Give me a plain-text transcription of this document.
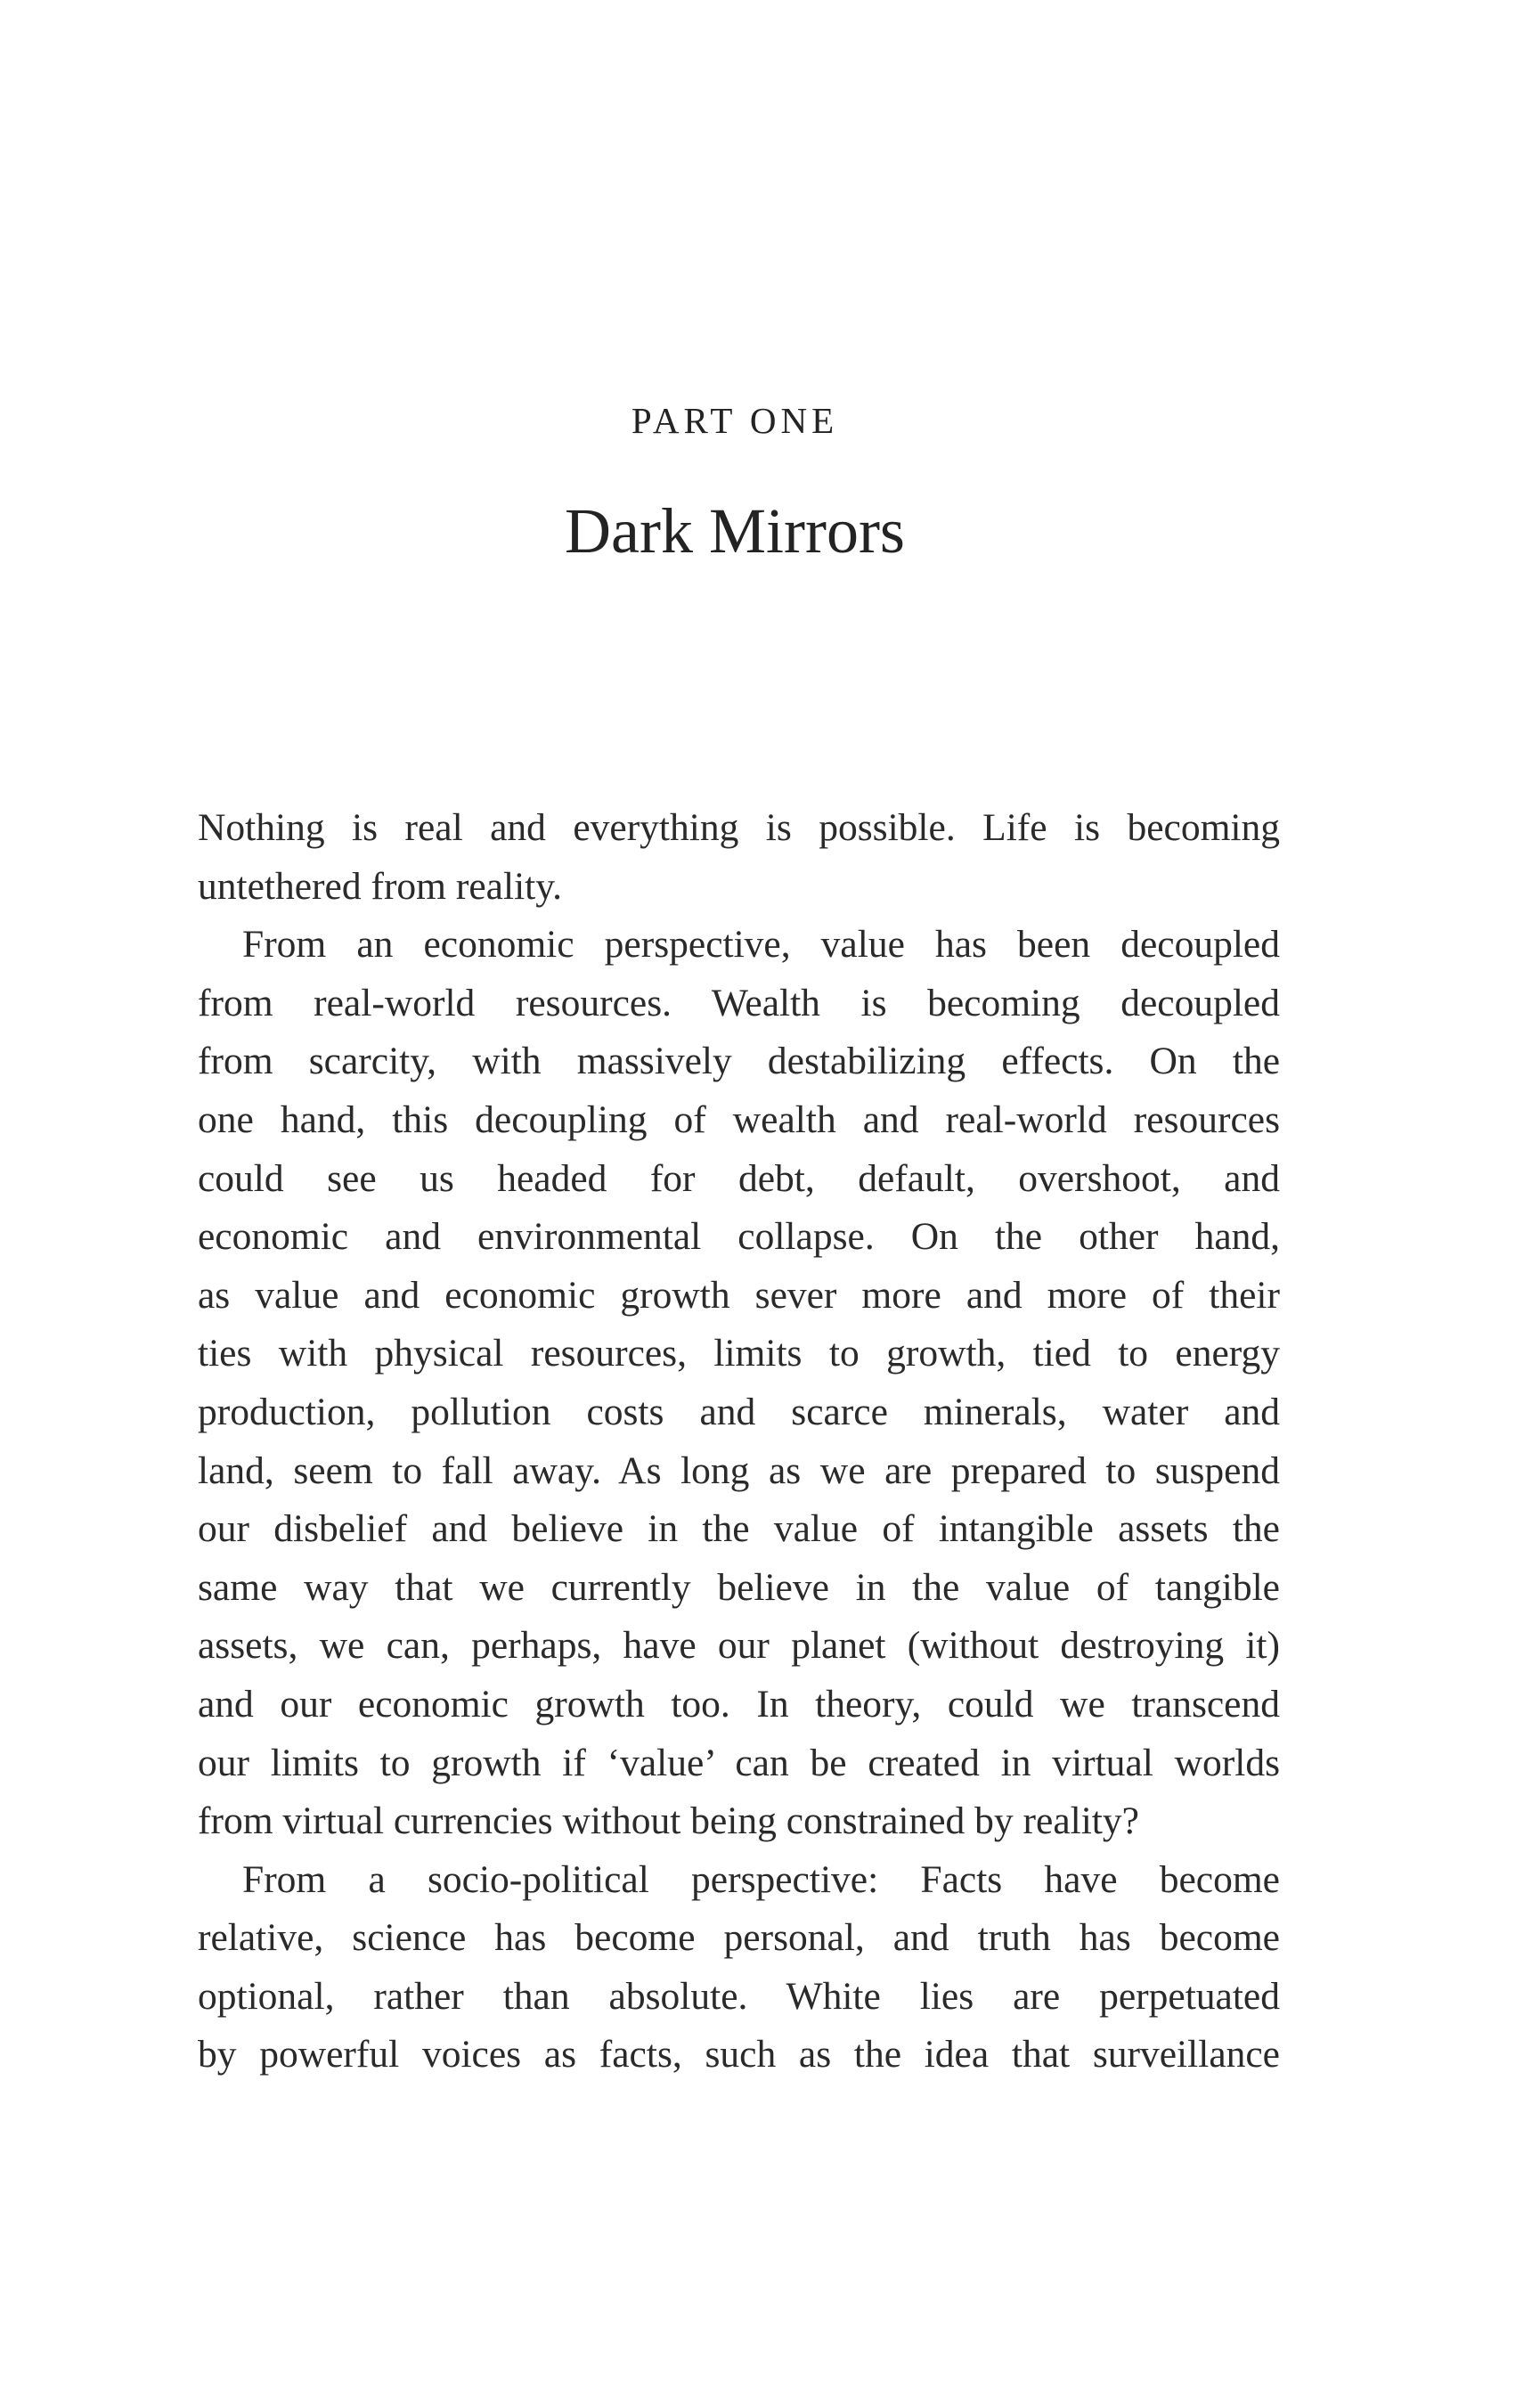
PART ONE
Dark Mirrors
Nothing is real and everything is possible. Life is becoming
untethered from reality.
From an economic perspective, value has been decoupled
from real-world resources. Wealth is becoming decoupled
from scarcity, with massively destabilizing effects. On the
one hand, this decoupling of wealth and real-world resources
could see us headed for debt, default, overshoot, and
economic and environmental collapse. On the other hand,
as value and economic growth sever more and more of their
ties with physical resources, limits to growth, tied to energy
production, pollution costs and scarce minerals, water and
land, seem to fall away. As long as we are prepared to suspend
our disbelief and believe in the value of intangible assets the
same way that we currently believe in the value of tangible
assets, we can, perhaps, have our planet (without destroying it)
and our economic growth too. In theory, could we transcend
our limits to growth if ‘value’ can be created in virtual worlds
from virtual currencies without being constrained by reality?
From a socio-political perspective: Facts have become
relative, science has become personal, and truth has become
optional, rather than absolute. White lies are perpetuated
by powerful voices as facts, such as the idea that surveillance
